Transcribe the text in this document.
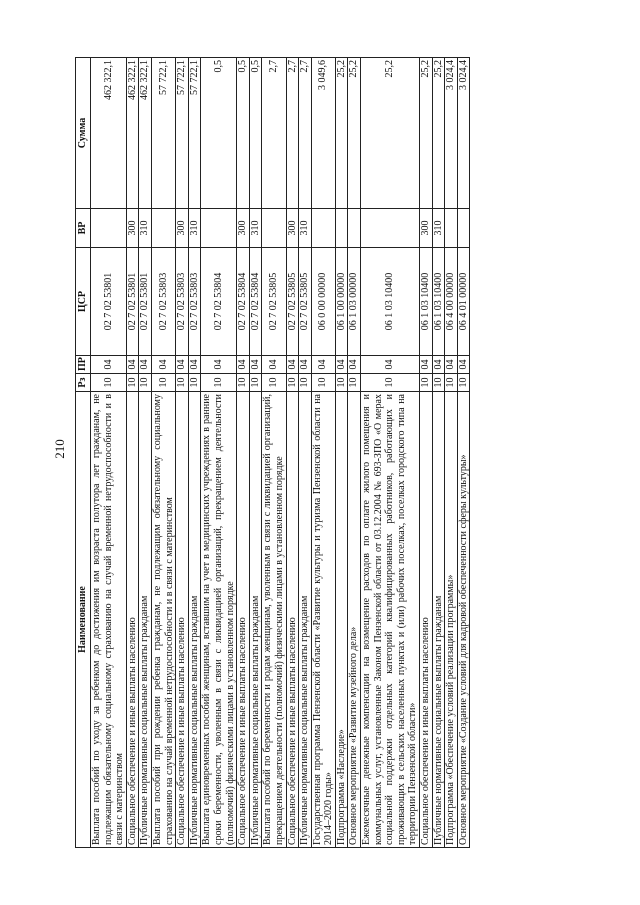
210
Наименование	Рз	ПР	ЦСР	ВР	Сумма
Выплата пособий по уходу за ребенком до достижения им возраста полутора лет гражданам, не подлежащим обязательному социальному страхованию на случай временной нетрудоспособности и в связи с материнством	10	04	02 7 02 53801		462 322,1
Социальное обеспечение и иные выплаты населению	10	04	02 7 02 53801	300	462 322,1
Публичные нормативные социальные выплаты гражданам	10	04	02 7 02 53801	310	462 322,1
Выплата пособий при рождении ребенка гражданам, не подлежащим обязательному социальному страхованию на случай временной нетрудоспособности и в связи с материнством	10	04	02 7 02 53803		57 722,1
Социальное обеспечение и иные выплаты населению	10	04	02 7 02 53803	300	57 722,1
Публичные нормативные социальные выплаты гражданам	10	04	02 7 02 53803	310	57 722,1
Выплата единовременных пособий женщинам, вставшим на учет в медицинских учреждениях в ранние сроки беременности, уволенным в связи с ликвидацией организаций, прекращением деятельности (полномочий) физическими лицами в установленном порядке	10	04	02 7 02 53804		0,5
Социальное обеспечение и иные выплаты населению	10	04	02 7 02 53804	300	0,5
Публичные нормативные социальные выплаты гражданам	10	04	02 7 02 53804	310	0,5
Выплата пособий по беременности и родам женщинам, уволенным в связи с ликвидацией организаций, прекращением деятельности (полномочий) физическими лицами в установленном порядке	10	04	02 7 02 53805		2,7
Социальное обеспечение и иные выплаты населению	10	04	02 7 02 53805	300	2,7
Публичные нормативные социальные выплаты гражданам	10	04	02 7 02 53805	310	2,7
Государственная программа Пензенской области «Развитие культуры и туризма Пензенской области на 2014–2020 годы»	10	04	06 0 00 00000		3 049,6
Подпрограмма «Наследие»	10	04	06 1 00 00000		25,2
Основное мероприятие «Развитие музейного дела»	10	04	06 1 03 00000		25,2
Ежемесячные денежные компенсации на возмещение расходов по оплате жилого помещения и коммунальных услуг, установленные Законом Пензенской области от 03.12.2004 № 693-ЗПО «О мерах социальной поддержки отдельных категорий квалифицированных работников, работающих и проживающих в сельских населенных пунктах и (или) рабочих поселках, поселках городского типа на территории Пензенской области»	10	04	06 1 03 10400		25,2
Социальное обеспечение и иные выплаты населению	10	04	06 1 03 10400	300	25,2
Публичные нормативные социальные выплаты гражданам	10	04	06 1 03 10400	310	25,2
Подпрограмма «Обеспечение условий реализации программы»	10	04	06 4 00 00000		3 024,4
Основное мероприятие «Создание условий для кадровой обеспеченности сферы культуры»	10	04	06 4 01 00000		3 024,4
